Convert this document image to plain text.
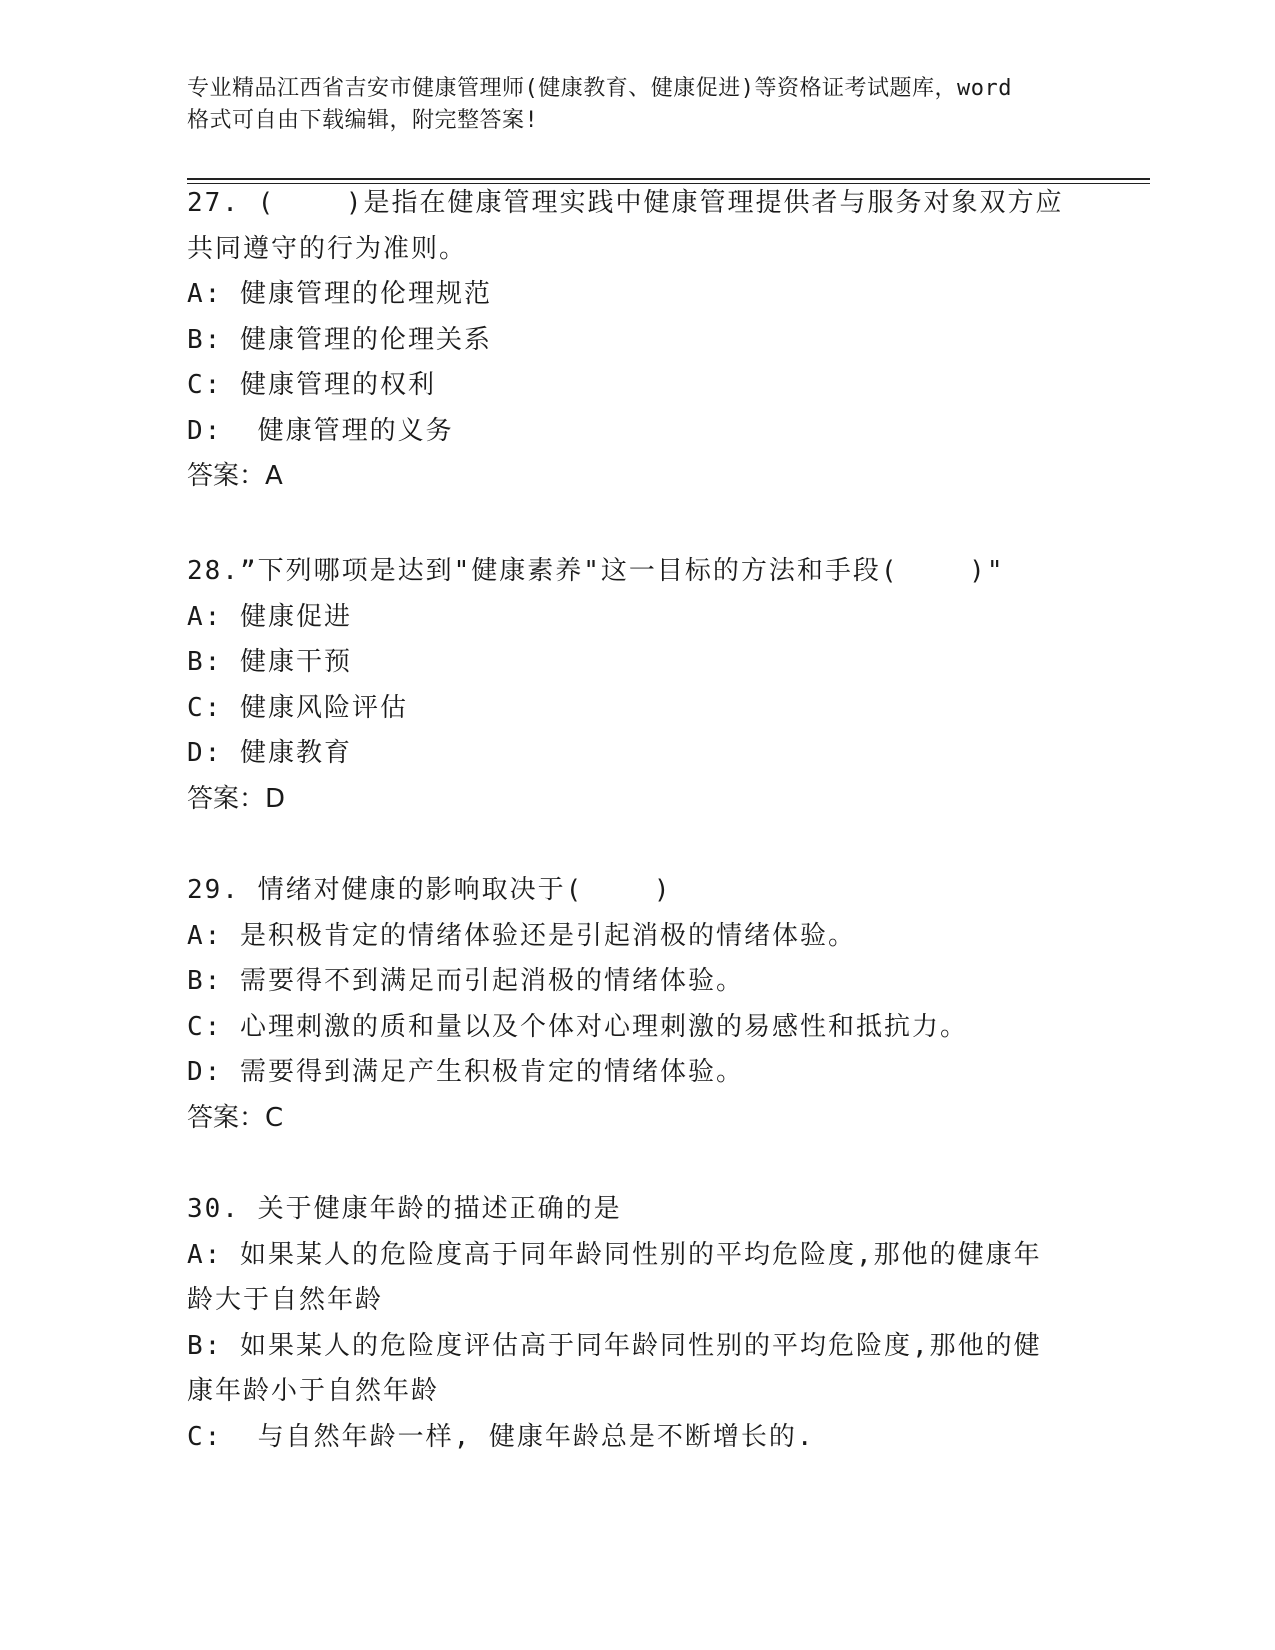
专业精品江西省吉安市健康管理师(健康教育、健康促进)等资格证考试题库，word
格式可自由下载编辑，附完整答案!
27. (    )是指在健康管理实践中健康管理提供者与服务对象双方应
共同遵守的行为准则。
A: 健康管理的伦理规范
B: 健康管理的伦理关系
C: 健康管理的权利
D:  健康管理的义务
答案：A
28.”下列哪项是达到"健康素养"这一目标的方法和手段(    )"
A: 健康促进
B: 健康干预
C: 健康风险评估
D: 健康教育
答案：D
29. 情绪对健康的影响取决于(    )
A: 是积极肯定的情绪体验还是引起消极的情绪体验。
B: 需要得不到满足而引起消极的情绪体验。
C: 心理刺激的质和量以及个体对心理刺激的易感性和抵抗力。
D: 需要得到满足产生积极肯定的情绪体验。
答案：C
30. 关于健康年龄的描述正确的是
A: 如果某人的危险度高于同年龄同性别的平均危险度,那他的健康年
龄大于自然年龄
B: 如果某人的危险度评估高于同年龄同性别的平均危险度,那他的健
康年龄小于自然年龄
C:  与自然年龄一样, 健康年龄总是不断增长的.
